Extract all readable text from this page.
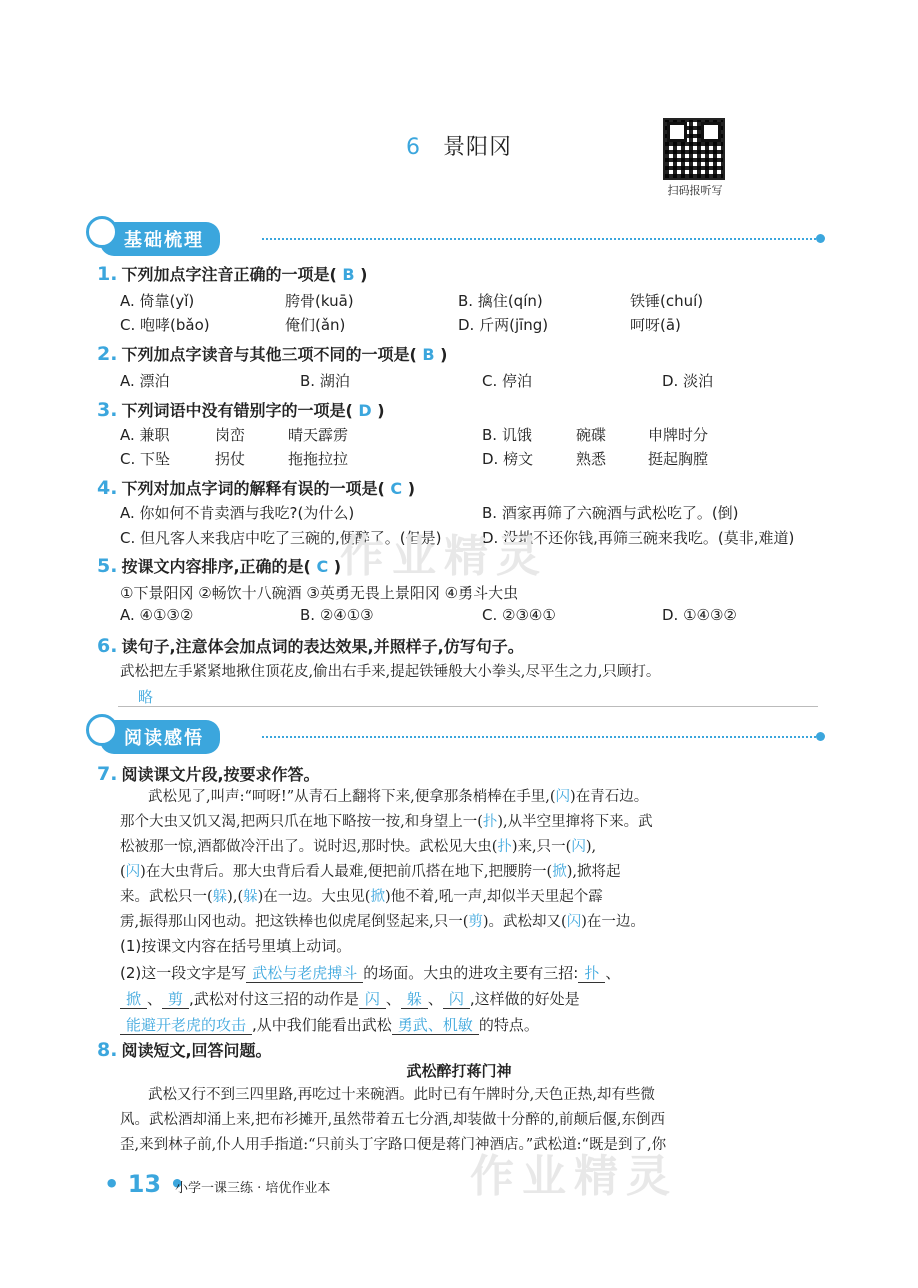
6 景阳冈
扫码报听写
基础梳理
1. 下列加点字注音正确的一项是( B )
A. 倚靠(yǐ)	胯骨(kuā)	B. 擒住(qín)	铁锤(chuí)
C. 咆哮(bǎo)	俺们(ǎn)	D. 斤两(jīng)	呵呀(ā)
2. 下列加点字读音与其他三项不同的一项是( B )
A. 漂泊	B. 湖泊	C. 停泊	D. 淡泊
3. 下列词语中没有错别字的一项是( D )
A. 兼职	岗峦	晴天霹雳	B. 讥饿	碗碟	申牌时分
C. 下坠	拐仗	拖拖拉拉	D. 榜文	熟悉	挺起胸膛
4. 下列对加点字词的解释有误的一项是( C )
A. 你如何不肯卖酒与我吃?(为什么)	B. 酒家再筛了六碗酒与武松吃了。(倒)
C. 但凡客人来我店中吃了三碗的,便醉了。(但是)	D. 没地不还你钱,再筛三碗来我吃。(莫非,难道)
5. 按课文内容排序,正确的是( C )
①下景阳冈 ②畅饮十八碗酒 ③英勇无畏上景阳冈 ④勇斗大虫
A. ④①③②	B. ②④①③	C. ②③④①	D. ①④③②
6. 读句子,注意体会加点词的表达效果,并照样子,仿写句子。
武松把左手紧紧地揪住顶花皮,偷出右手来,提起铁锤般大小拳头,尽平生之力,只顾打。
略
阅读感悟
7. 阅读课文片段,按要求作答。
武松见了,叫声:“呵呀!”从青石上翻将下来,便拿那条梢棒在手里,(闪)在青石边。
那个大虫又饥又渴,把两只爪在地下略按一按,和身望上一(扑),从半空里撺将下来。武
松被那一惊,酒都做冷汗出了。说时迟,那时快。武松见大虫(扑)来,只一(闪),
(闪)在大虫背后。那大虫背后看人最难,便把前爪搭在地下,把腰胯一(掀),掀将起
来。武松只一(躲),(躲)在一边。大虫见(掀)他不着,吼一声,却似半天里起个霹
雳,振得那山冈也动。把这铁棒也似虎尾倒竖起来,只一(剪)。武松却又(闪)在一边。
(1)按课文内容在括号里填上动词。
(2)这一段文字是写 武松与老虎搏斗 的场面。大虫的进攻主要有三招: 扑 、
掀 、 剪 ,武松对付这三招的动作是 闪 、 躲 、 闪 ,这样做的好处是
能避开老虎的攻击 ,从中我们能看出武松 勇武、机敏 的特点。
8. 阅读短文,回答问题。
武松醉打蒋门神
武松又行不到三四里路,再吃过十来碗酒。此时已有午牌时分,天色正热,却有些微
风。武松酒却涌上来,把布衫摊开,虽然带着五七分酒,却装做十分醉的,前颠后偃,东倒西
歪,来到林子前,仆人用手指道:“只前头丁字路口便是蒋门神酒店。”武松道:“既是到了,你
作业精灵
作业精灵
• 13 •
小学一课三练 · 培优作业本
